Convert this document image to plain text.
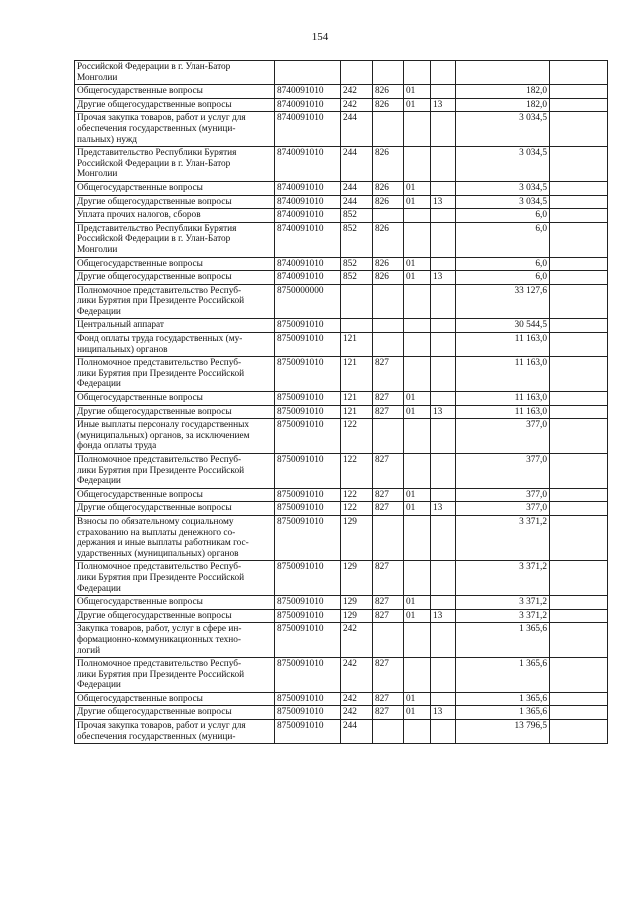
154
Российской Федерации в г. Улан-Батор
Монголии							

Общегосударственные вопросы	8740091010	242	826	01		182,0	

Другие общегосударственные вопросы	8740091010	242	826	01	13	182,0	

Прочая закупка товаров, работ и услуг для
обеспечения государственных (муници-
пальных) нужд	8740091010	244				3 034,5	

Представительство Республики Бурятия
Российской Федерации в г. Улан-Батор
Монголии	8740091010	244	826			3 034,5	

Общегосударственные вопросы	8740091010	244	826	01		3 034,5	

Другие общегосударственные вопросы	8740091010	244	826	01	13	3 034,5	

Уплата прочих налогов, сборов	8740091010	852				6,0	

Представительство Республики Бурятия
Российской Федерации в г. Улан-Батор
Монголии	8740091010	852	826			6,0	

Общегосударственные вопросы	8740091010	852	826	01		6,0	

Другие общегосударственные вопросы	8740091010	852	826	01	13	6,0	

Полномочное представительство Респуб-
лики Бурятия при Президенте Российской
Федерации	8750000000					33 127,6	

Центральный аппарат	8750091010					30 544,5	

Фонд оплаты труда государственных (му-
ниципальных) органов	8750091010	121				11 163,0	

Полномочное представительство Респуб-
лики Бурятия при Президенте Российской
Федерации	8750091010	121	827			11 163,0	

Общегосударственные вопросы	8750091010	121	827	01		11 163,0	

Другие общегосударственные вопросы	8750091010	121	827	01	13	11 163,0	

Иные выплаты персоналу государственных
(муниципальных) органов, за исключением
фонда оплаты труда	8750091010	122				377,0	

Полномочное представительство Респуб-
лики Бурятия при Президенте Российской
Федерации	8750091010	122	827			377,0	

Общегосударственные вопросы	8750091010	122	827	01		377,0	

Другие общегосударственные вопросы	8750091010	122	827	01	13	377,0	

Взносы по обязательному социальному
страхованию на выплаты денежного со-
держания и иные выплаты работникам гос-
ударственных (муниципальных) органов	8750091010	129				3 371,2	

Полномочное представительство Респуб-
лики Бурятия при Президенте Российской
Федерации	8750091010	129	827			3 371,2	

Общегосударственные вопросы	8750091010	129	827	01		3 371,2	

Другие общегосударственные вопросы	8750091010	129	827	01	13	3 371,2	

Закупка товаров, работ, услуг в сфере ин-
формационно-коммуникационных техно-
логий	8750091010	242				1 365,6	

Полномочное представительство Респуб-
лики Бурятия при Президенте Российской
Федерации	8750091010	242	827			1 365,6	

Общегосударственные вопросы	8750091010	242	827	01		1 365,6	

Другие общегосударственные вопросы	8750091010	242	827	01	13	1 365,6	

Прочая закупка товаров, работ и услуг для
обеспечения государственных (муници-	8750091010	244				13 796,5	
